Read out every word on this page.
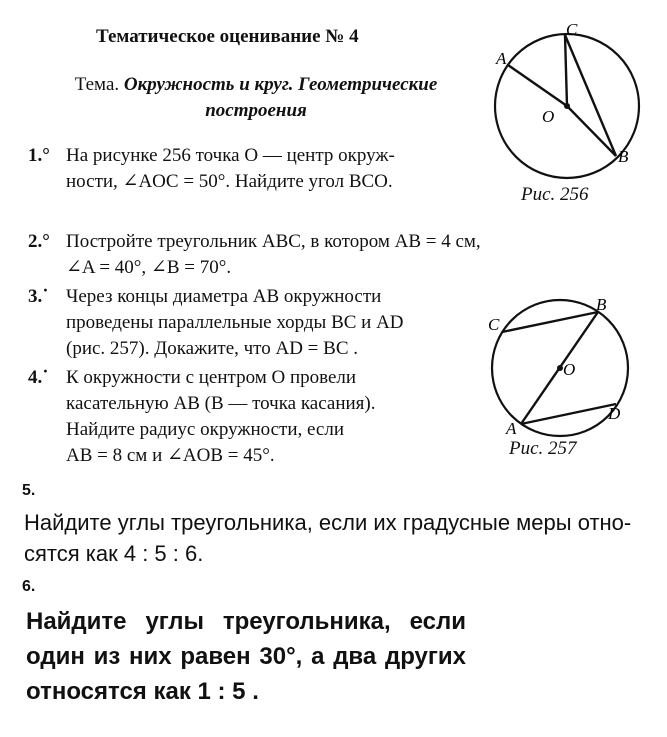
Тематическое оценивание № 4
Тема. Окружность и круг. Геометрические
построения
1.° На рисунке 256 точка O — центр окруж-
ности, ∠AOC = 50°. Найдите угол BCO.
A
C
O
B
Рис. 256
2.° Постройте треугольник ABC, в котором AB = 4 см,
∠A = 40°, ∠B = 70°.
3.˙ Через концы диаметра AB окружности
проведены параллельные хорды BC и AD
(рис. 257). Докажите, что AD = BC .
4.˙ К окружности с центром O провели
касательную AB (B –– точка касания).
Найдите радиус окружности, если
AB = 8 см и ∠AOB = 45°.
C
B
O
D
A
Рис. 257
5.
Найдите углы треугольника, если их градусные меры отно-
сятся как 4 : 5 : 6.
6.
Найдите углы треугольника, если
один из них равен 30°, а два других
относятся как 1 : 5 .
